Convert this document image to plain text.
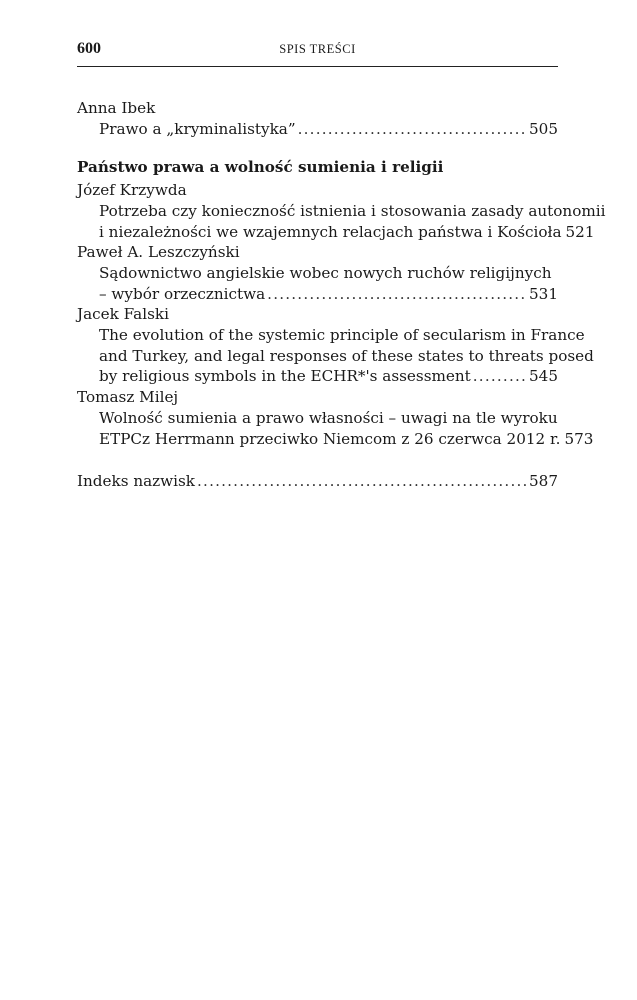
600	SPIS TREŚCI
Anna Ibek
Prawo a „kryminalistyka” .....	505
Państwo prawa a wolność sumienia i religii
Józef Krzywda
Potrzeba czy konieczność istnienia i stosowania zasady autonomii
i niezależności we wzajemnych relacjach państwa i Kościoła 521
Paweł A. Leszczyński
Sądownictwo angielskie wobec nowych ruchów religijnych
– wybór orzecznictwa .....	531
Jacek Falski
The evolution of the systemic principle of secularism in France
and Turkey, and legal responses of these states to threats posed
by religious symbols in the ECHR*'s assessment .....	545
Tomasz Milej
Wolność sumienia a prawo własności – uwagi na tle wyroku
ETPCz Herrmann przeciwko Niemcom z 26 czerwca 2012 r. 573
Indeks nazwisk .....	587
